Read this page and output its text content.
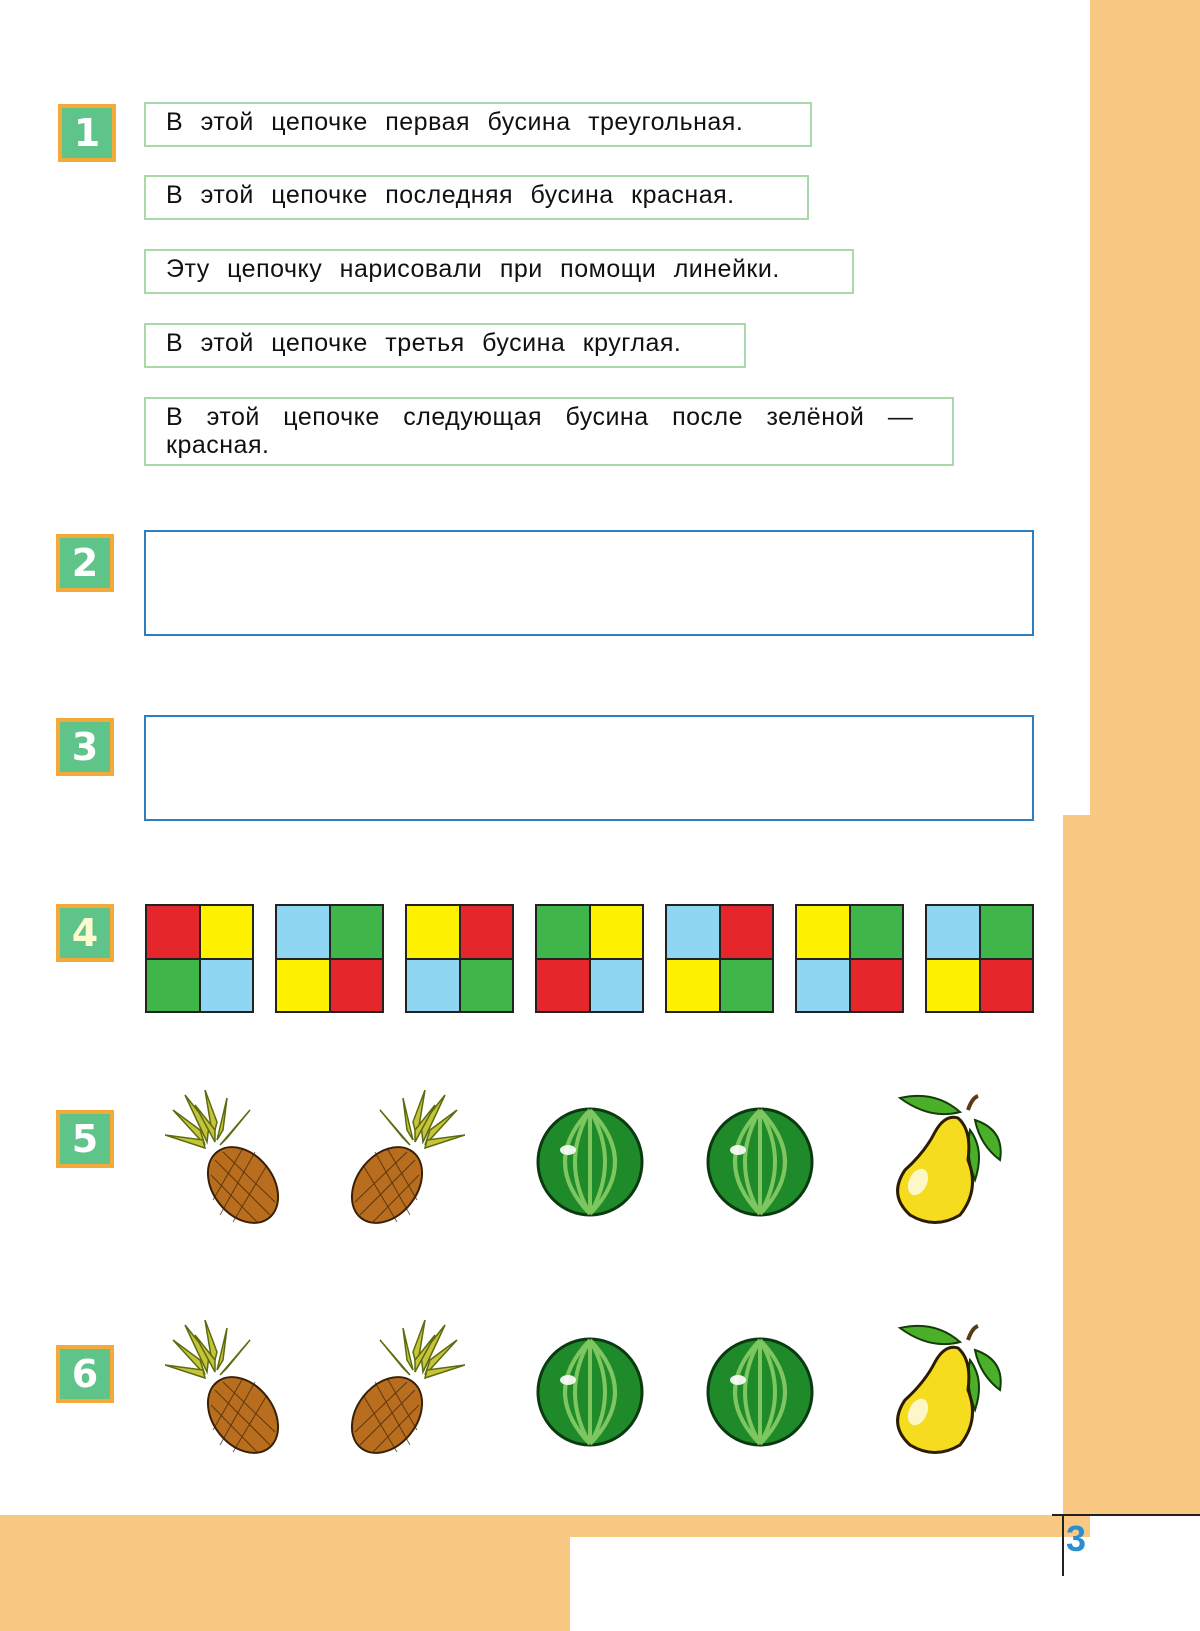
3
1	В этой цепочке первая бусина треугольная.
В этой цепочке последняя бусина красная.
Эту цепочку нарисовали при помощи линейки.
В этой цепочке третья бусина круглая.
В этой цепочке следующая бусина после зелёной — красная.
2
3
4
5
6
